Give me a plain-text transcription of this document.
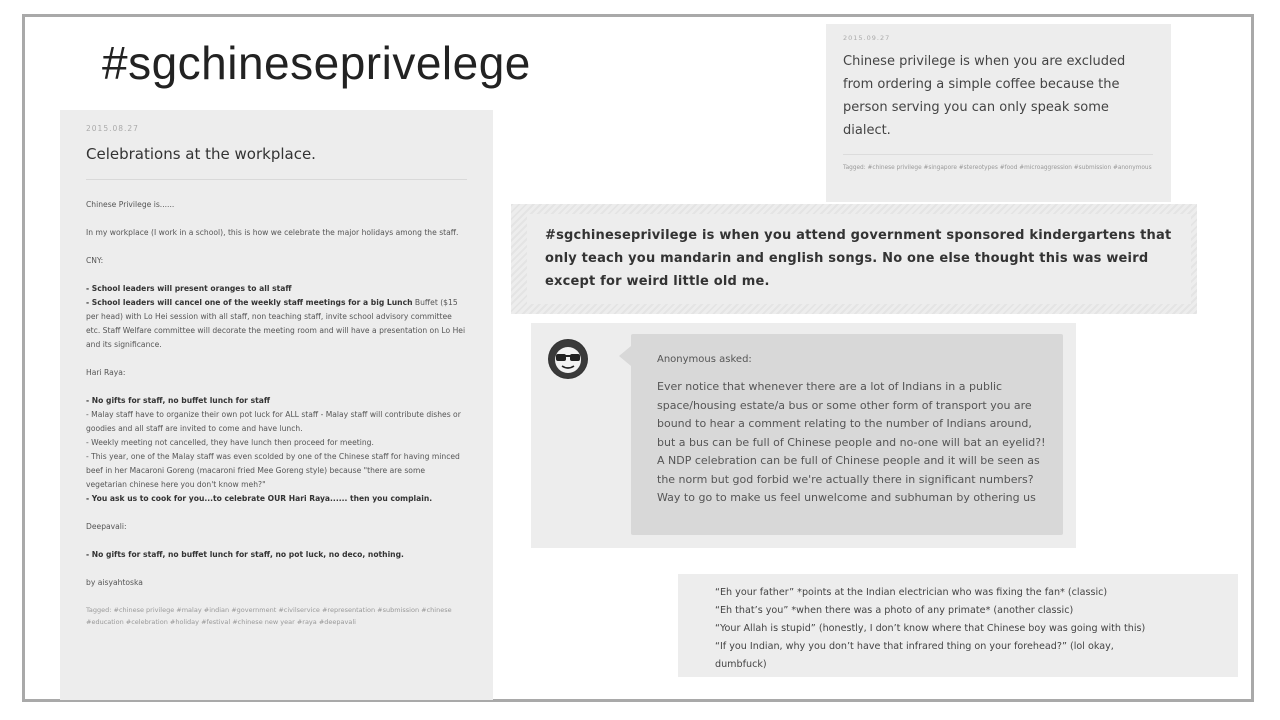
#sgchineseprivelege
2015.08.27
Celebrations at the workplace.

Chinese Privilege is......

In my workplace (I work in a school), this is how we celebrate the major holidays among the staff.

CNY:

- School leaders will present oranges to all staff
- School leaders will cancel one of the weekly staff meetings for a big Lunch Buffet ($15 per head) with Lo Hei session with all staff, non teaching staff, invite school advisory committee etc. Staff Welfare committee will decorate the meeting room and will have a presentation on Lo Hei and its significance.

Hari Raya:

- No gifts for staff, no buffet lunch for staff
- Malay staff have to organize their own pot luck for ALL staff - Malay staff will contribute dishes or goodies and all staff are invited to come and have lunch.
- Weekly meeting not cancelled, they have lunch then proceed for meeting.
- This year, one of the Malay staff was even scolded by one of the Chinese staff for having minced beef in her Macaroni Goreng (macaroni fried Mee Goreng style) because "there are some vegetarian chinese here you don't know meh?"
- You ask us to cook for you...to celebrate OUR Hari Raya...... then you complain.

Deepavali:

- No gifts for staff, no buffet lunch for staff, no pot luck, no deco, nothing.

by aisyahtoska

Tagged: #chinese privilege #malay #indian #government #civilservice #representation #submission #chinese #education #celebration #holiday #festival #chinese new year #raya #deepavali
2015.09.27
Chinese privilege is when you are excluded from ordering a simple coffee because the person serving you can only speak some dialect.
Tagged: #chinese privilege #singapore #stereotypes #food #microaggression #submission #anonymous
#sgchineseprivilege is when you attend government sponsored kindergartens that only teach you mandarin and english songs. No one else thought this was weird except for weird little old me.
Anonymous asked:
Ever notice that whenever there are a lot of Indians in a public space/housing estate/a bus or some other form of transport you are bound to hear a comment relating to the number of Indians around, but a bus can be full of Chinese people and no-one will bat an eyelid?! A NDP celebration can be full of Chinese people and it will be seen as the norm but god forbid we're actually there in significant numbers? Way to go to make us feel unwelcome and subhuman by othering us
“Eh your father” *points at the Indian electrician who was fixing the fan* (classic)
“Eh that’s you” *when there was a photo of any primate* (another classic)
“Your Allah is stupid” (honestly, I don’t know where that Chinese boy was going with this)
“If you Indian, why you don’t have that infrared thing on your forehead?” (lol okay,
dumbfuck)
